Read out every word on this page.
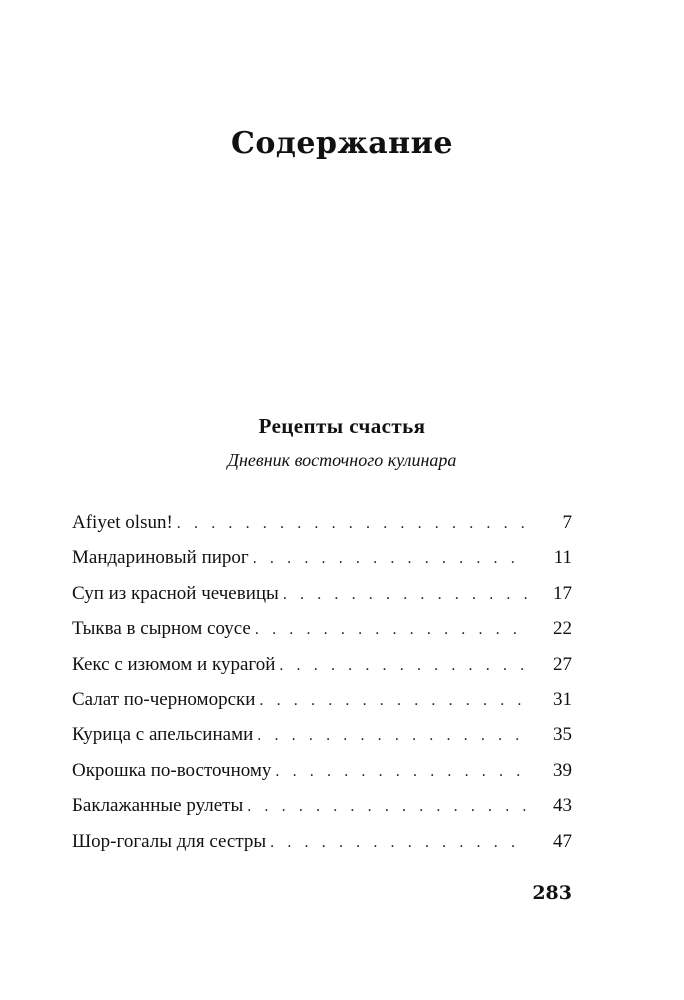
Содержание
Рецепты счастья
Дневник восточного кулинара
Afiyet olsun! . . .	7
Мандариновый пирог . . .	11
Суп из красной чечевицы . . .	17
Тыква в сырном соусе . . .	22
Кекс с изюмом и курагой . . .	27
Салат по-черноморски . . .	31
Курица с апельсинами . . .	35
Окрошка по-восточному . . .	39
Баклажанные рулеты . . .	43
Шор-гогалы для сестры . . .	47
283
